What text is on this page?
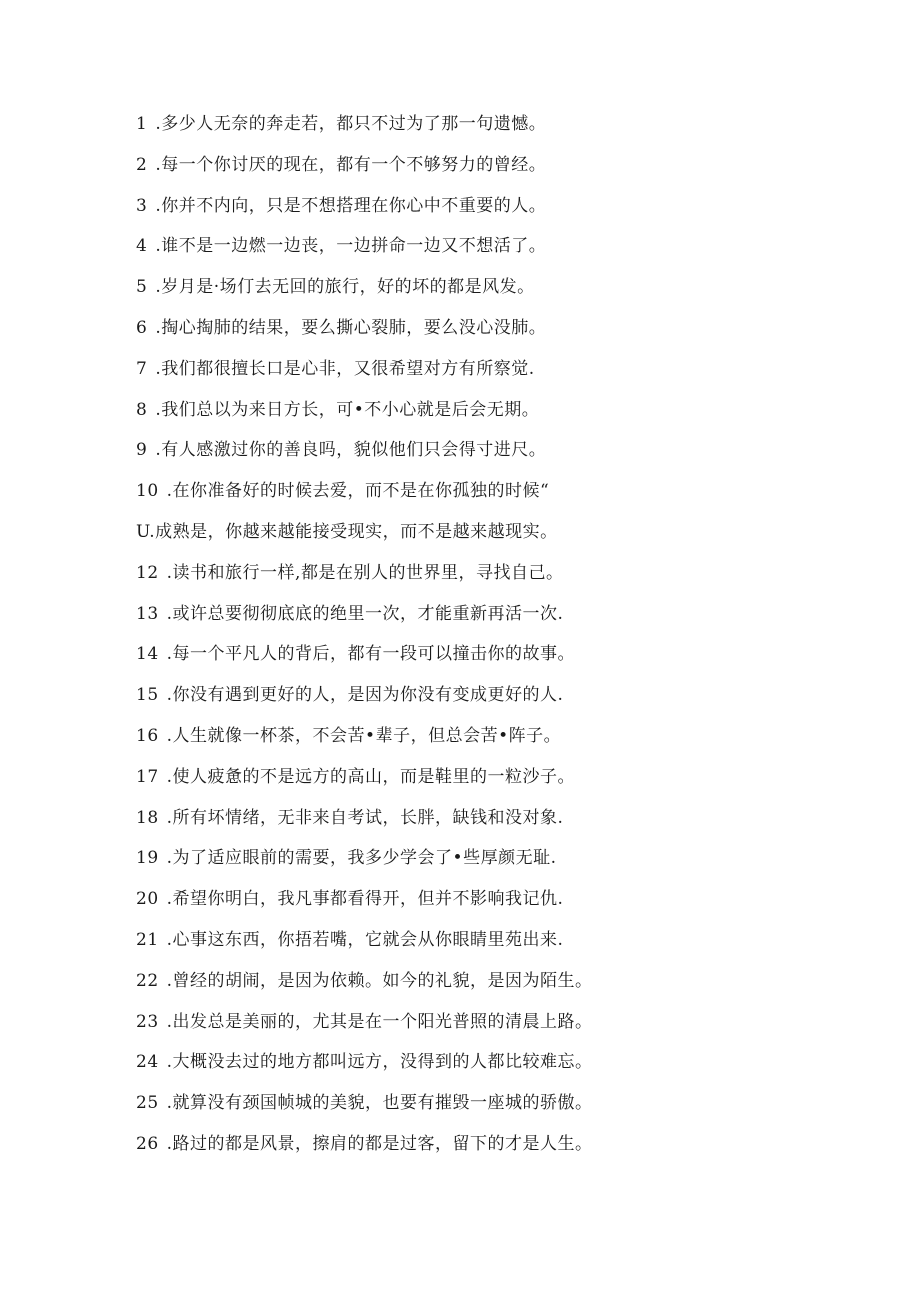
1 .多少人无奈的奔走若，都只不过为了那一句遗憾。
2 .每一个你讨厌的现在，都有一个不够努力的曾经。
3 .你并不内向，只是不想搭理在你心中不重要的人。
4 .谁不是一边燃一边丧，一边拼命一边又不想活了。
5 .岁月是·场仃去无回的旅行，好的坏的都是风发。
6 .掏心掏肺的结果，要么撕心裂肺，要么没心没肺。
7 .我们都很擅长口是心非，又很希望对方有所察觉.
8 .我们总以为来日方长，可•不小心就是后会无期。
9 .有人感激过你的善良吗，貌似他们只会得寸进尺。
10 .在你准备好的时候去爱，而不是在你孤独的时候“
U.成熟是，你越来越能接受现实，而不是越来越现实。
12 .读书和旅行一样,都是在别人的世界里，寻找自己。
13 .或许总要彻彻底底的绝里一次，才能重新再活一次.
14 .每一个平凡人的背后，都有一段可以撞击你的故事。
15 .你没有遇到更好的人，是因为你没有变成更好的人.
16 .人生就像一杯茶，不会苦•辈子，但总会苦•阵子。
17 .使人疲惫的不是远方的高山，而是鞋里的一粒沙子。
18 .所有坏情绪，无非来自考试，长胖，缺钱和没对象.
19 .为了适应眼前的需要，我多少学会了•些厚颜无耻.
20 .希望你明白，我凡事都看得开，但并不影响我记仇.
21 .心事这东西，你捂若嘴，它就会从你眼睛里苑出来.
22 .曾经的胡闹，是因为依赖。如今的礼貌，是因为陌生。
23 .出发总是美丽的，尤其是在一个阳光普照的清晨上路。
24 .大概没去过的地方都叫远方，没得到的人都比较难忘。
25 .就算没有颈国帧城的美貌，也要有摧毁一座城的骄傲。
26 .路过的都是风景，擦肩的都是过客，留下的才是人生。
